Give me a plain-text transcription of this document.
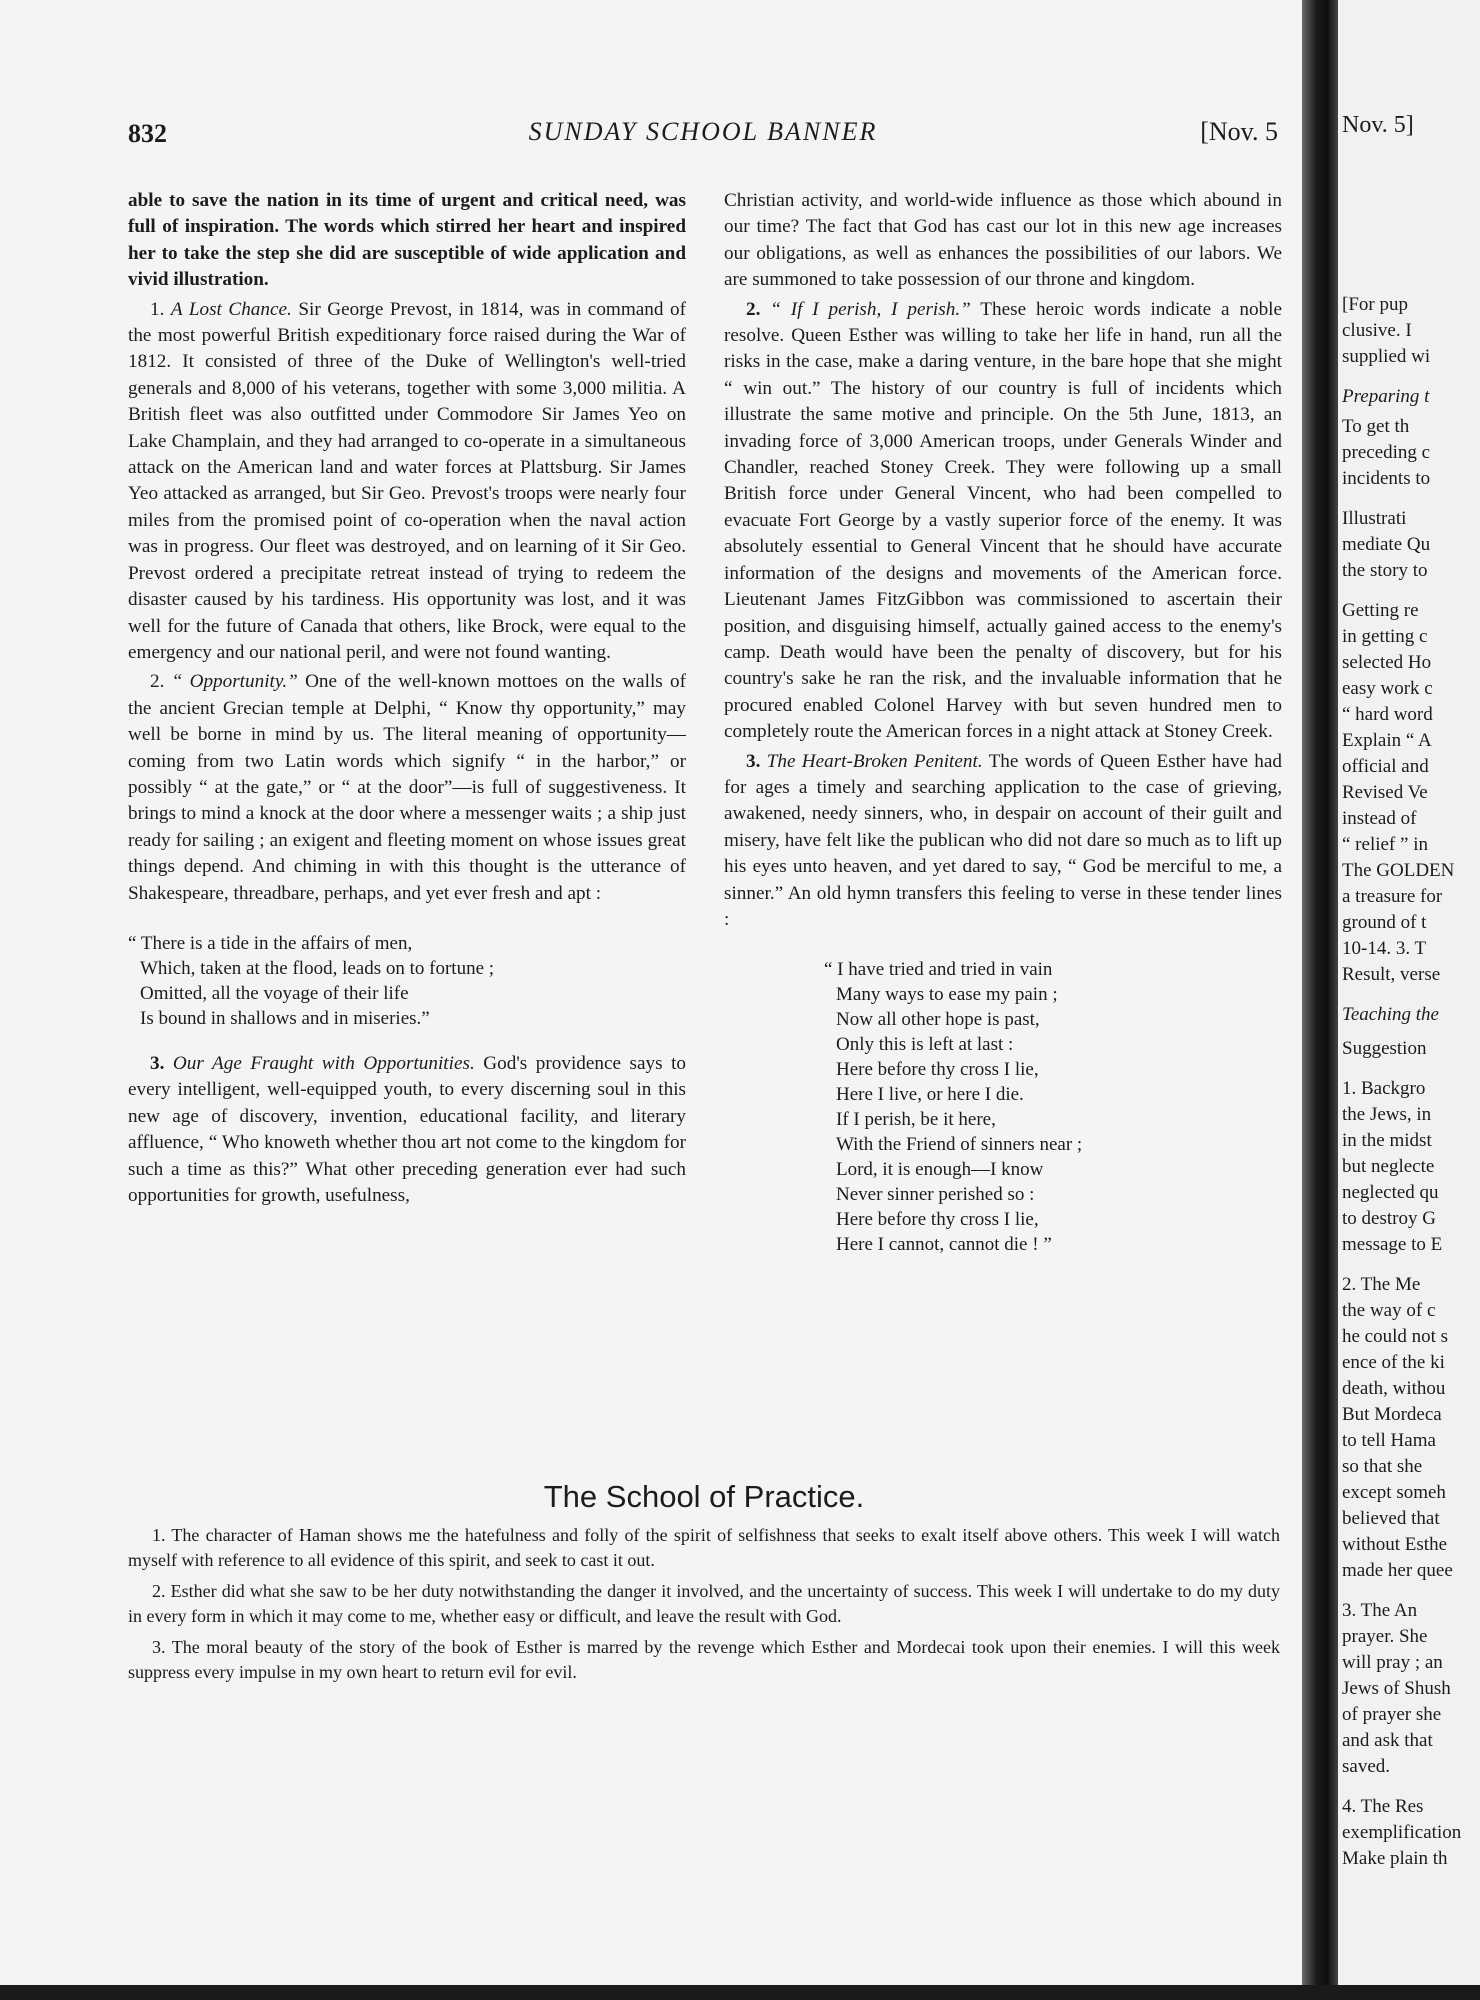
832	SUNDAY SCHOOL BANNER	[Nov. 5

able to save the nation in its time of urgent and critical need, was full of inspiration. The words which stirred her heart and inspired her to take the step she did are susceptible of wide application and vivid illustration.

1. A Lost Chance. Sir George Prevost, in 1814, was in command of the most powerful British expeditionary force raised during the War of 1812. It consisted of three of the Duke of Wellington's well-tried generals and 8,000 of his veterans, together with some 3,000 militia. A British fleet was also outfitted under Commodore Sir James Yeo on Lake Champlain, and they had arranged to co-operate in a simultaneous attack on the American land and water forces at Plattsburg. Sir James Yeo attacked as arranged, but Sir Geo. Prevost's troops were nearly four miles from the promised point of co-operation when the naval action was in progress. Our fleet was destroyed, and on learning of it Sir Geo. Prevost ordered a precipitate retreat instead of trying to redeem the disaster caused by his tardiness. His opportunity was lost, and it was well for the future of Canada that others, like Brock, were equal to the emergency and our national peril, and were not found wanting.

2. “ Opportunity.” One of the well-known mottoes on the walls of the ancient Grecian temple at Delphi, “ Know thy opportunity,” may well be borne in mind by us. The literal meaning of opportunity—coming from two Latin words which signify “ in the harbor,” or possibly “ at the gate,” or “ at the door”—is full of suggestiveness. It brings to mind a knock at the door where a messenger waits ; a ship just ready for sailing ; an exigent and fleeting moment on whose issues great things depend. And chiming in with this thought is the utterance of Shakespeare, threadbare, perhaps, and yet ever fresh and apt :

“ There is a tide in the affairs of men,
Which, taken at the flood, leads on to fortune ;
Omitted, all the voyage of their life
Is bound in shallows and in miseries.”

3. Our Age Fraught with Opportunities. God's providence says to every intelligent, well-equipped youth, to every discerning soul in this new age of discovery, invention, educational facility, and literary affluence, “ Who knoweth whether thou art not come to the kingdom for such a time as this?” What other preceding generation ever had such opportunities for growth, usefulness,

Christian activity, and world-wide influence as those which abound in our time? The fact that God has cast our lot in this new age increases our obligations, as well as enhances the possibilities of our labors. We are summoned to take possession of our throne and kingdom.

2. “ If I perish, I perish.” These heroic words indicate a noble resolve. Queen Esther was willing to take her life in hand, run all the risks in the case, make a daring venture, in the bare hope that she might “ win out.” The history of our country is full of incidents which illustrate the same motive and principle. On the 5th June, 1813, an invading force of 3,000 American troops, under Generals Winder and Chandler, reached Stoney Creek. They were following up a small British force under General Vincent, who had been compelled to evacuate Fort George by a vastly superior force of the enemy. It was absolutely essential to General Vincent that he should have accurate information of the designs and movements of the American force. Lieutenant James FitzGibbon was commissioned to ascertain their position, and disguising himself, actually gained access to the enemy's camp. Death would have been the penalty of discovery, but for his country's sake he ran the risk, and the invaluable information that he procured enabled Colonel Harvey with but seven hundred men to completely route the American forces in a night attack at Stoney Creek.

3. The Heart-Broken Penitent. The words of Queen Esther have had for ages a timely and searching application to the case of grieving, awakened, needy sinners, who, in despair on account of their guilt and misery, have felt like the publican who did not dare so much as to lift up his eyes unto heaven, and yet dared to say, “ God be merciful to me, a sinner.” An old hymn transfers this feeling to verse in these tender lines :

“ I have tried and tried in vain
Many ways to ease my pain ;
Now all other hope is past,
Only this is left at last :
Here before thy cross I lie,
Here I live, or here I die.
If I perish, be it here,
With the Friend of sinners near ;
Lord, it is enough—I know
Never sinner perished so :
Here before thy cross I lie,
Here I cannot, cannot die ! ”
The School of Practice.

1. The character of Haman shows me the hatefulness and folly of the spirit of selfishness that seeks to exalt itself above others. This week I will watch myself with reference to all evidence of this spirit, and seek to cast it out.

2. Esther did what she saw to be her duty notwithstanding the danger it involved, and the uncertainty of success. This week I will undertake to do my duty in every form in which it may come to me, whether easy or difficult, and leave the result with God.

3. The moral beauty of the story of the book of Esther is marred by the revenge which Esther and Mordecai took upon their enemies. I will this week suppress every impulse in my own heart to return evil for evil.

Nov. 5]
[For pup
clusive. I
supplied wi
Preparing t
To get th
preceding c
incidents to
Illustrati
mediate Qu
the story to
Getting re
in getting c
selected Ho
easy work c
“ hard word
Explain “ A
official and
Revised Ve
instead of
“ relief ” in
The GOLDEN
a treasure for
ground of t
10-14. 3. T
Result, verse
Teaching the
Suggestion
1. Backgro
the Jews, in
in the midst
but neglecte
neglected qu
to destroy G
message to E
2. The Me
the way of c
he could not s
ence of the ki
death, withou
But Mordeca
to tell Hama
so that she
except someh
believed that
without Esthe
made her quee
3. The An
prayer. She
will pray ; an
Jews of Shush
of prayer she
and ask that
saved.
4. The Res
exemplification
Make plain th
